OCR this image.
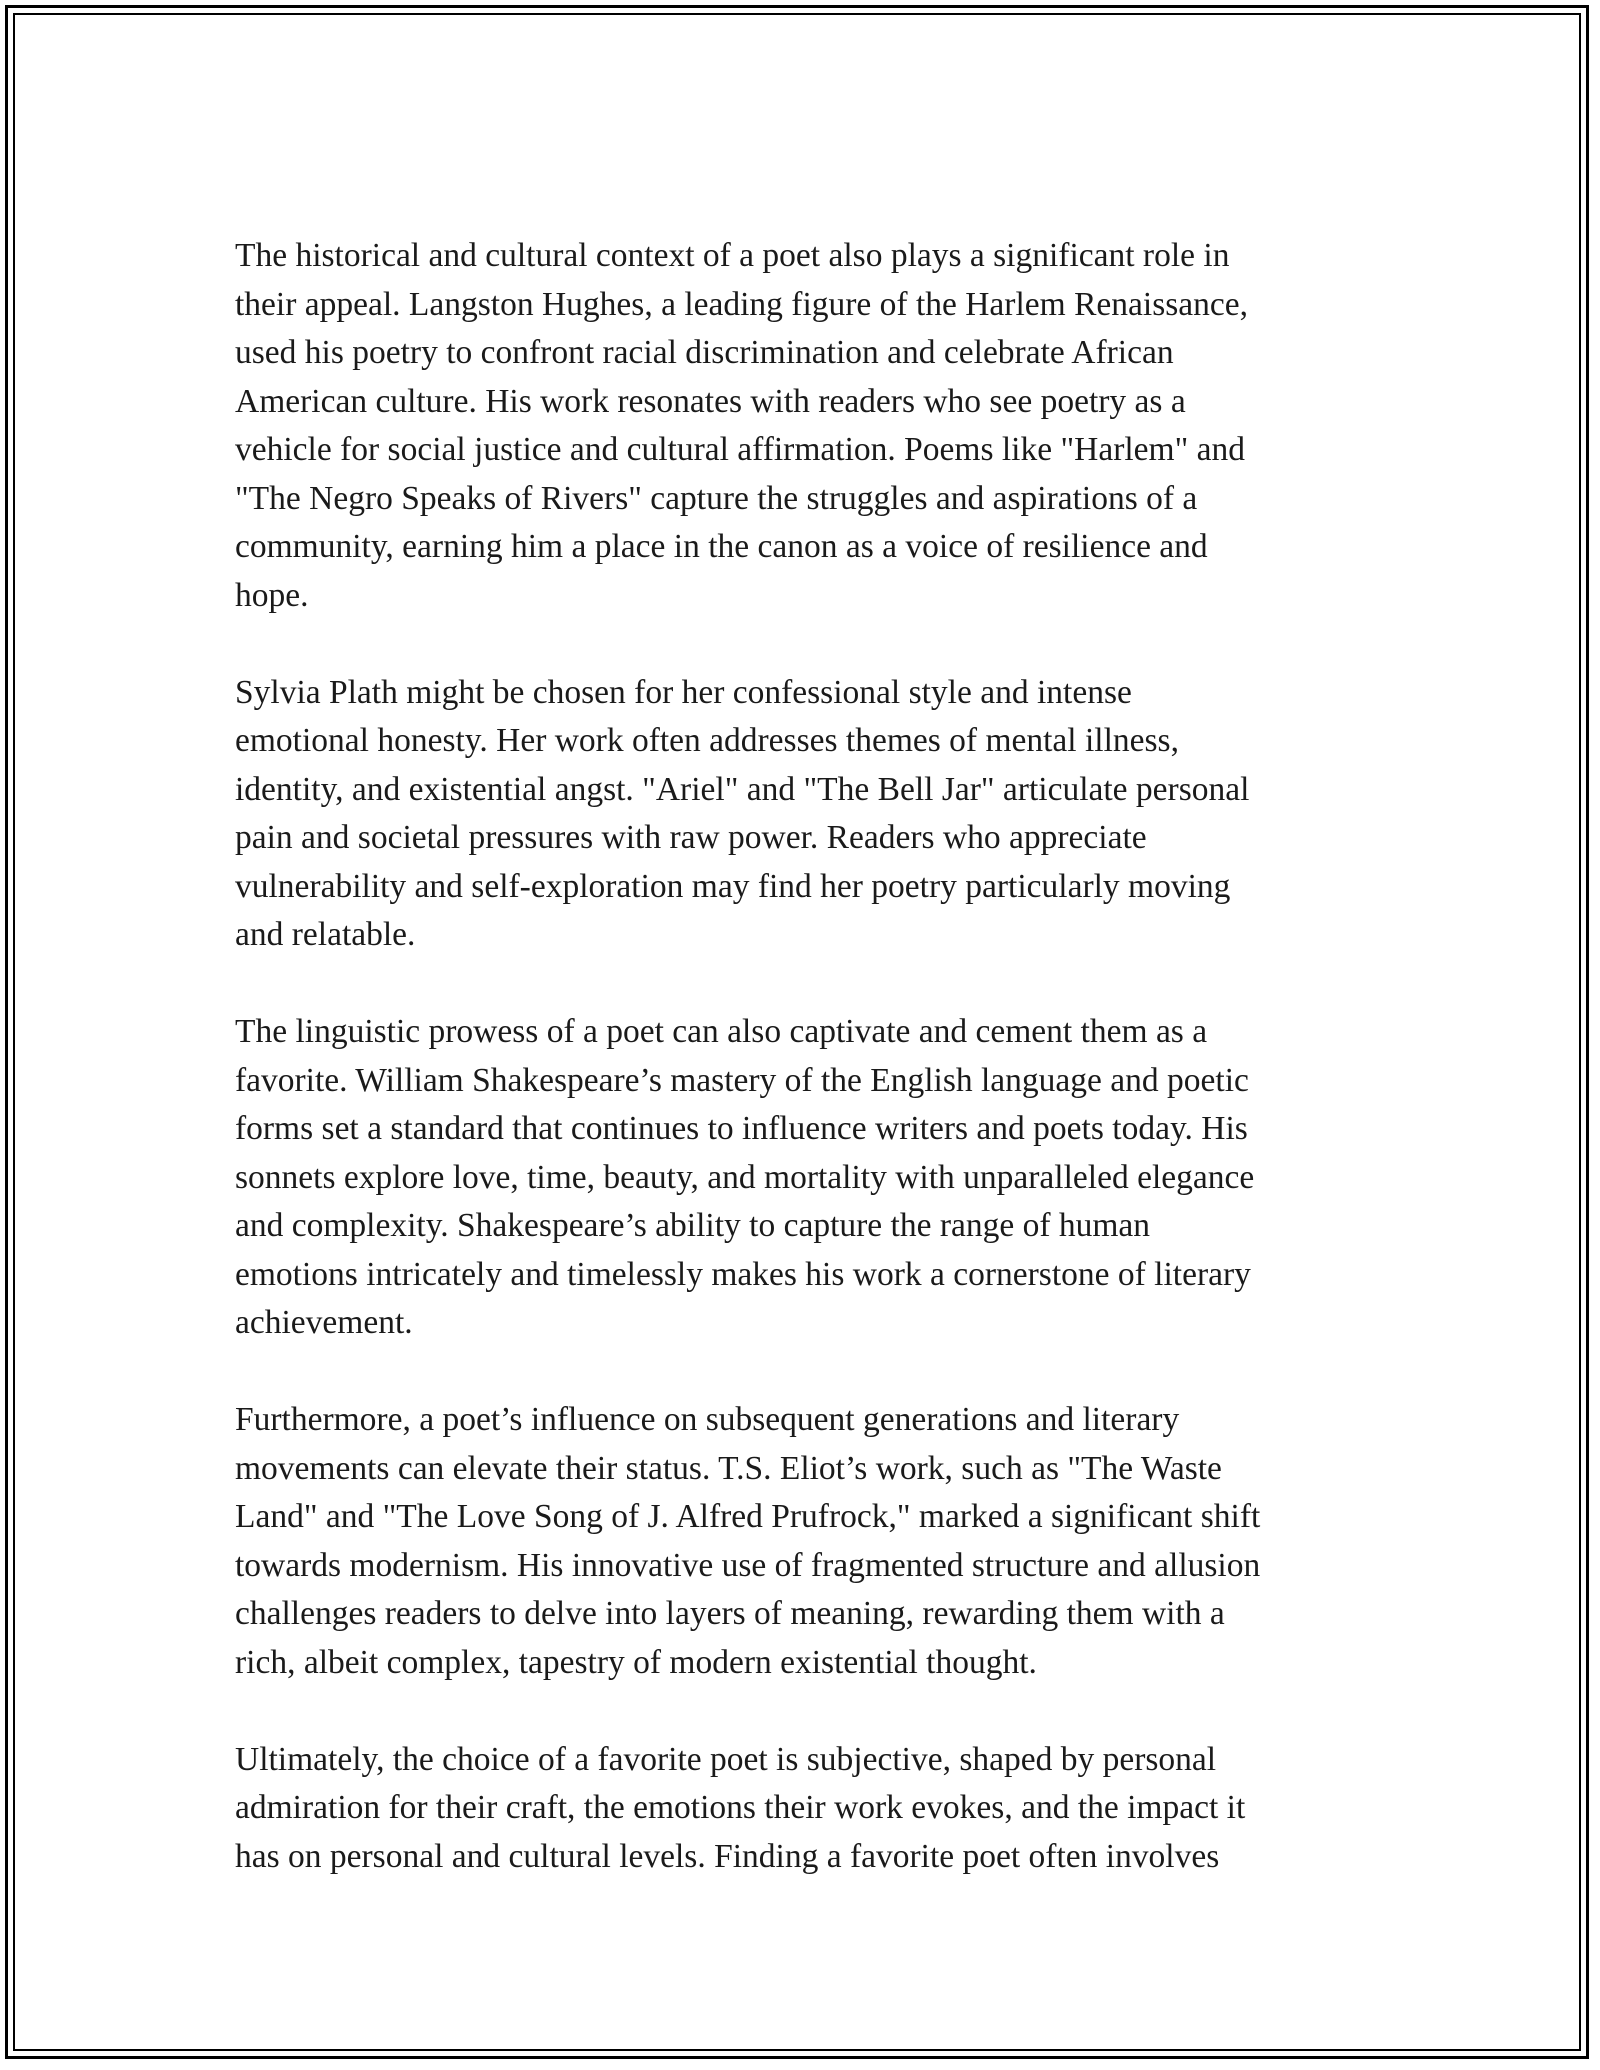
The historical and cultural context of a poet also plays a significant role in
their appeal. Langston Hughes, a leading figure of the Harlem Renaissance,
used his poetry to confront racial discrimination and celebrate African
American culture. His work resonates with readers who see poetry as a
vehicle for social justice and cultural affirmation. Poems like "Harlem" and
"The Negro Speaks of Rivers" capture the struggles and aspirations of a
community, earning him a place in the canon as a voice of resilience and
hope.

Sylvia Plath might be chosen for her confessional style and intense
emotional honesty. Her work often addresses themes of mental illness,
identity, and existential angst. "Ariel" and "The Bell Jar" articulate personal
pain and societal pressures with raw power. Readers who appreciate
vulnerability and self-exploration may find her poetry particularly moving
and relatable.

The linguistic prowess of a poet can also captivate and cement them as a
favorite. William Shakespeare’s mastery of the English language and poetic
forms set a standard that continues to influence writers and poets today. His
sonnets explore love, time, beauty, and mortality with unparalleled elegance
and complexity. Shakespeare’s ability to capture the range of human
emotions intricately and timelessly makes his work a cornerstone of literary
achievement.

Furthermore, a poet’s influence on subsequent generations and literary
movements can elevate their status. T.S. Eliot’s work, such as "The Waste
Land" and "The Love Song of J. Alfred Prufrock," marked a significant shift
towards modernism. His innovative use of fragmented structure and allusion
challenges readers to delve into layers of meaning, rewarding them with a
rich, albeit complex, tapestry of modern existential thought.

Ultimately, the choice of a favorite poet is subjective, shaped by personal
admiration for their craft, the emotions their work evokes, and the impact it
has on personal and cultural levels. Finding a favorite poet often involves
